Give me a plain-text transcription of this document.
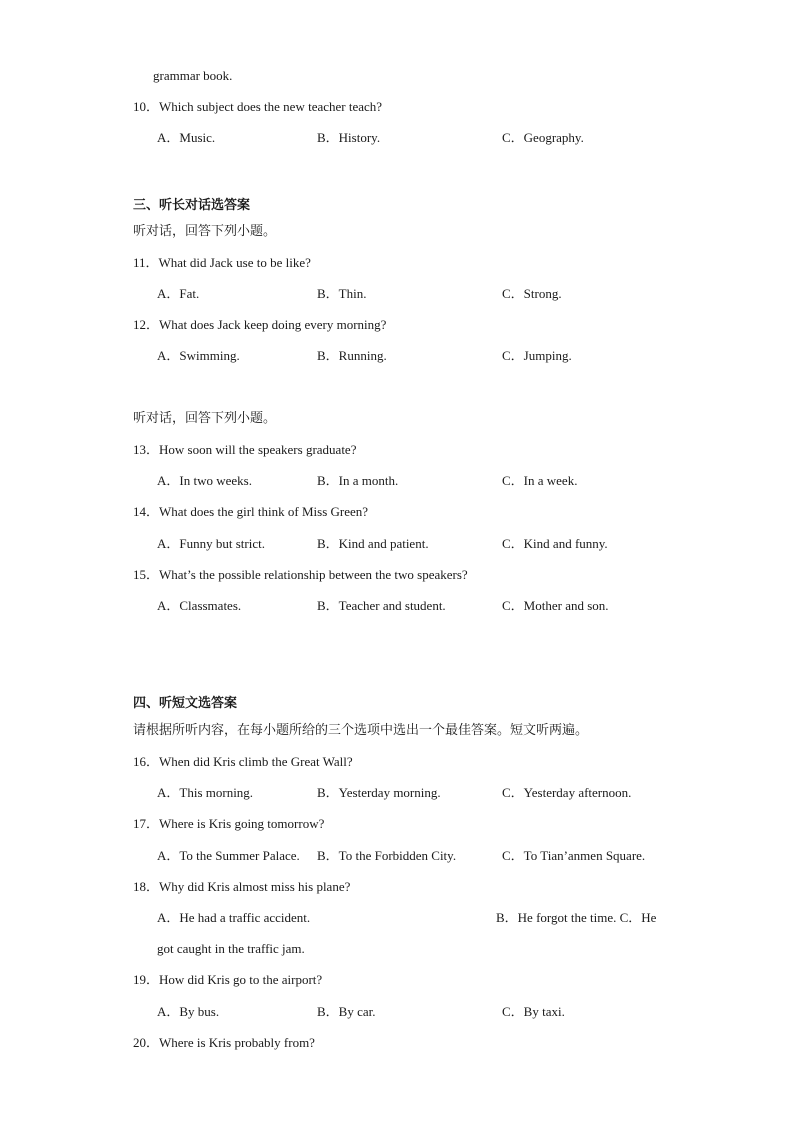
grammar book.
10．Which subject does the new teacher teach?
A．Music.	B．History.	C．Geography.
三、听长对话选答案
听对话，回答下列小题。
11．What did Jack use to be like?
A．Fat.	B．Thin.	C．Strong.
12．What does Jack keep doing every morning?
A．Swimming.	B．Running.	C．Jumping.
听对话，回答下列小题。
13．How soon will the speakers graduate?
A．In two weeks.	B．In a month.	C．In a week.
14．What does the girl think of Miss Green?
A．Funny but strict.	B．Kind and patient.	C．Kind and funny.
15．What’s the possible relationship between the two speakers?
A．Classmates.	B．Teacher and student.	C．Mother and son.
四、听短文选答案
请根据所听内容，在每小题所给的三个选项中选出一个最佳答案。短文听两遍。
16．When did Kris climb the Great Wall?
A．This morning.	B．Yesterday morning.	C．Yesterday afternoon.
17．Where is Kris going tomorrow?
A．To the Summer Palace. B．To the Forbidden City.	C．To Tian’anmen Square.
18．Why did Kris almost miss his plane?
A．He had a traffic accident.	B．He forgot the time. C．He
got caught in the traffic jam.
19．How did Kris go to the airport?
A．By bus.	B．By car.	C．By taxi.
20．Where is Kris probably from?
